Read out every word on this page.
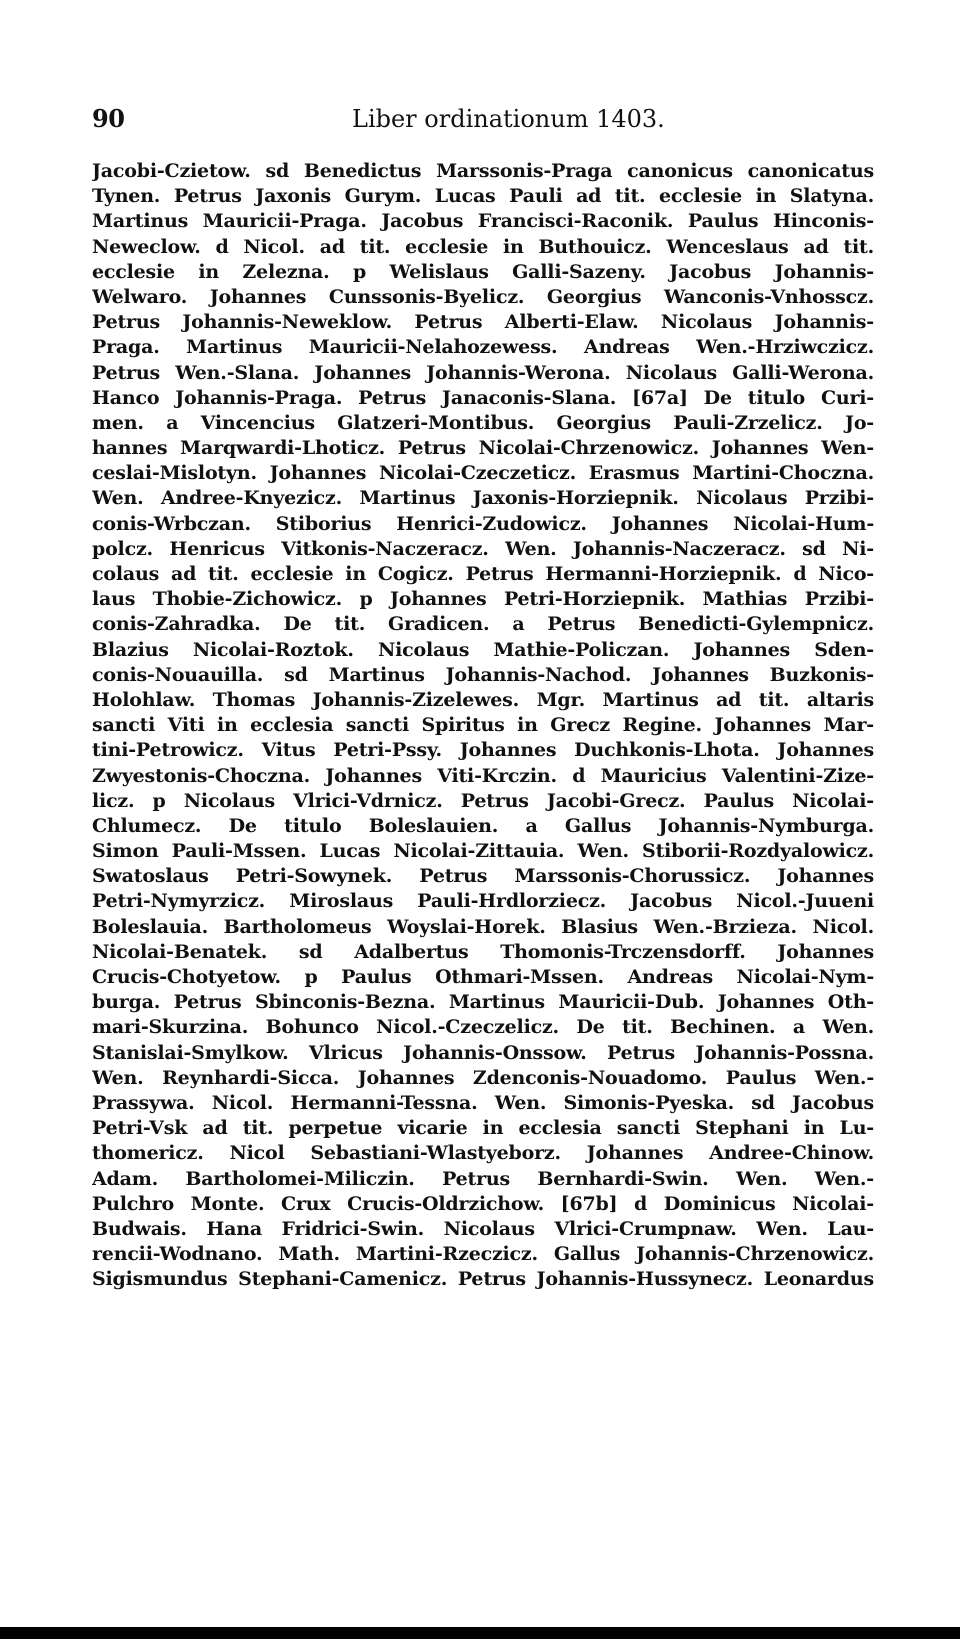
90	Liber ordinationum 1403.
Jacobi-Czietow. sd Benedictus Marssonis-Praga canonicus canonicatus
Tynen. Petrus Jaxonis Gurym. Lucas Pauli ad tit. ecclesie in Slatyna.
Martinus Mauricii-Praga. Jacobus Francisci-Raconik. Paulus Hinconis-
Neweclow. d Nicol. ad tit. ecclesie in Buthouicz. Wenceslaus ad tit.
ecclesie in Zelezna. p Welislaus Galli-Sazeny. Jacobus Johannis-
Welwaro. Johannes Cunssonis-Byelicz. Georgius Wanconis-Vnhosscz.
Petrus Johannis-Neweklow. Petrus Alberti-Elaw. Nicolaus Johannis-
Praga. Martinus Mauricii-Nelahozewess. Andreas Wen.-Hrziwczicz.
Petrus Wen.-Slana. Johannes Johannis-Werona. Nicolaus Galli-Werona.
Hanco Johannis-Praga. Petrus Janaconis-Slana. [67a] De titulo Curi-
men. a Vincencius Glatzeri-Montibus. Georgius Pauli-Zrzelicz. Jo-
hannes Marqwardi-Lhoticz. Petrus Nicolai-Chrzenowicz. Johannes Wen-
ceslai-Mislotyn. Johannes Nicolai-Czeczeticz. Erasmus Martini-Choczna.
Wen. Andree-Knyezicz. Martinus Jaxonis-Horziepnik. Nicolaus Przibi-
conis-Wrbczan. Stiborius Henrici-Zudowicz. Johannes Nicolai-Hum-
polcz. Henricus Vitkonis-Naczeracz. Wen. Johannis-Naczeracz. sd Ni-
colaus ad tit. ecclesie in Cogicz. Petrus Hermanni-Horziepnik. d Nico-
laus Thobie-Zichowicz. p Johannes Petri-Horziepnik. Mathias Przibi-
conis-Zahradka. De tit. Gradicen. a Petrus Benedicti-Gylempnicz.
Blazius Nicolai-Roztok. Nicolaus Mathie-Policzan. Johannes Sden-
conis-Nouauilla. sd Martinus Johannis-Nachod. Johannes Buzkonis-
Holohlaw. Thomas Johannis-Zizelewes. Mgr. Martinus ad tit. altaris
sancti Viti in ecclesia sancti Spiritus in Grecz Regine. Johannes Mar-
tini-Petrowicz. Vitus Petri-Pssy. Johannes Duchkonis-Lhota. Johannes
Zwyestonis-Choczna. Johannes Viti-Krczin. d Mauricius Valentini-Zize-
licz. p Nicolaus Vlrici-Vdrnicz. Petrus Jacobi-Grecz. Paulus Nicolai-
Chlumecz. De titulo Boleslauien. a Gallus Johannis-Nymburga.
Simon Pauli-Mssen. Lucas Nicolai-Zittauia. Wen. Stiborii-Rozdyalowicz.
Swatoslaus Petri-Sowynek. Petrus Marssonis-Chorussicz. Johannes
Petri-Nymyrzicz. Miroslaus Pauli-Hrdlorziecz. Jacobus Nicol.-Juueni
Boleslauia. Bartholomeus Woyslai-Horek. Blasius Wen.-Brzieza. Nicol.
Nicolai-Benatek. sd Adalbertus Thomonis-Trczensdorff. Johannes
Crucis-Chotyetow. p Paulus Othmari-Mssen. Andreas Nicolai-Nym-
burga. Petrus Sbinconis-Bezna. Martinus Mauricii-Dub. Johannes Oth-
mari-Skurzina. Bohunco Nicol.-Czeczelicz. De tit. Bechinen. a Wen.
Stanislai-Smylkow. Vlricus Johannis-Onssow. Petrus Johannis-Possna.
Wen. Reynhardi-Sicca. Johannes Zdenconis-Nouadomo. Paulus Wen.-
Prassywa. Nicol. Hermanni-Tessna. Wen. Simonis-Pyeska. sd Jacobus
Petri-Vsk ad tit. perpetue vicarie in ecclesia sancti Stephani in Lu-
thomericz. Nicol Sebastiani-Wlastyeborz. Johannes Andree-Chinow.
Adam. Bartholomei-Miliczin. Petrus Bernhardi-Swin. Wen. Wen.-
Pulchro Monte. Crux Crucis-Oldrzichow. [67b] d Dominicus Nicolai-
Budwais. Hana Fridrici-Swin. Nicolaus Vlrici-Crumpnaw. Wen. Lau-
rencii-Wodnano. Math. Martini-Rzeczicz. Gallus Johannis-Chrzenowicz.
Sigismundus Stephani-Camenicz. Petrus Johannis-Hussynecz. Leonardus
